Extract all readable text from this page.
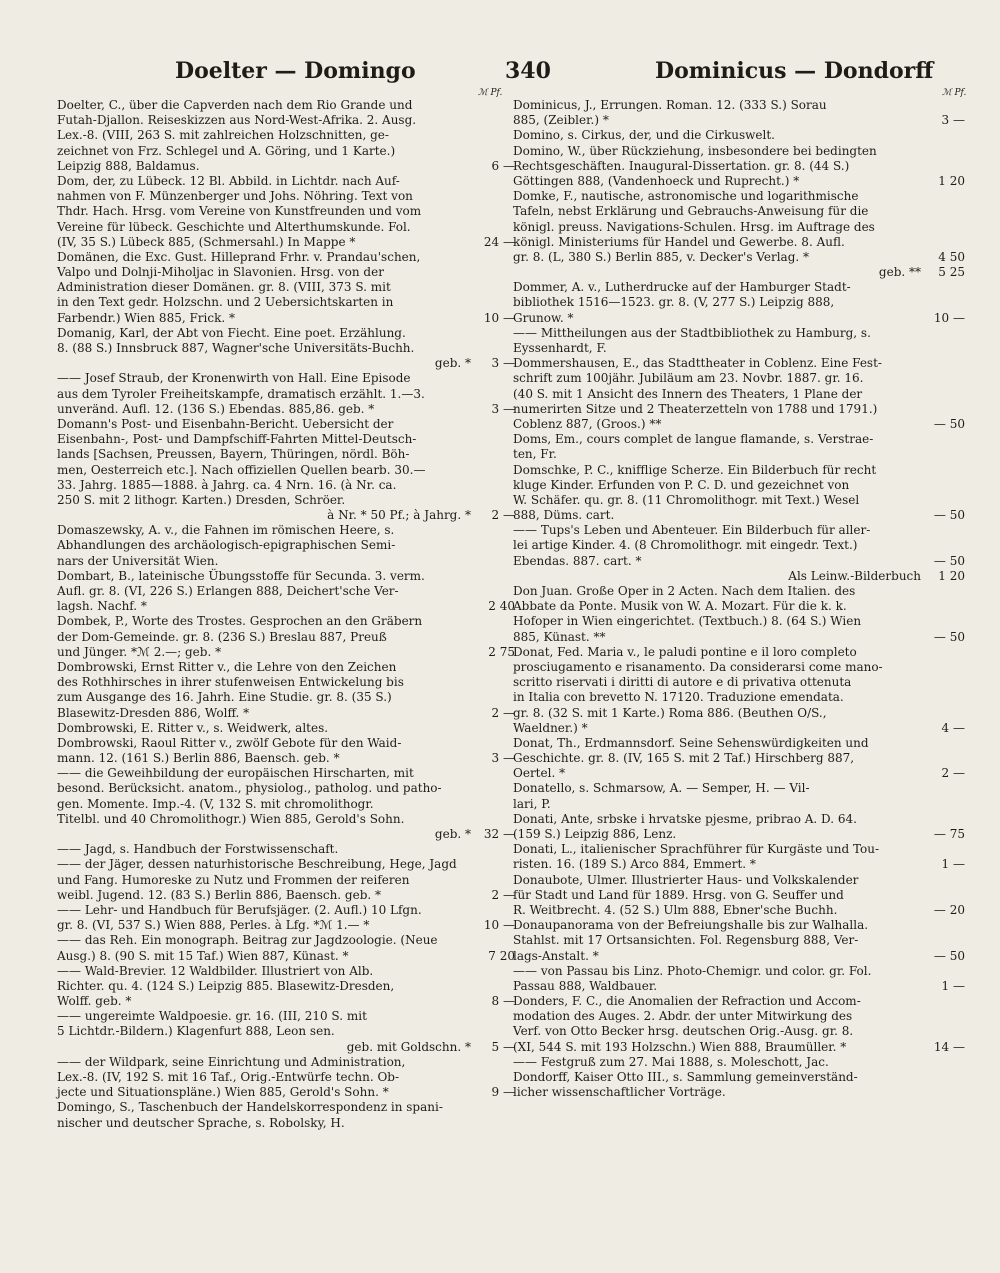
Doelter — Domingo	340	Dominicus — Dondorff
ℳ Pf.	ℳ Pf.
Doelter, C., über die Capverden nach dem Rio Grande und
Futah-Djallon. Reiseskizzen aus Nord-West-Afrika. 2. Ausg.
Lex.-8. (VIII, 263 S. mit zahlreichen Holzschnitten, ge-
zeichnet von Frz. Schlegel und A. Göring, und 1 Karte.)
Leipzig 888, Baldamus.	6 —
Dom, der, zu Lübeck. 12 Bl. Abbild. in Lichtdr. nach Auf-
nahmen von F. Münzenberger und Johs. Nöhring. Text von
Thdr. Hach. Hrsg. vom Vereine von Kunstfreunden und vom
Vereine für lübeck. Geschichte und Alterthumskunde. Fol.
(IV, 35 S.) Lübeck 885, (Schmersahl.) In Mappe *	24 —
Domänen, die Exc. Gust. Hilleprand Frhr. v. Prandau'schen,
Valpo und Dolnji-Miholjac in Slavonien. Hrsg. von der
Administration dieser Domänen. gr. 8. (VIII, 373 S. mit
in den Text gedr. Holzschn. und 2 Uebersichtskarten in
Farbendr.) Wien 885, Frick. *	10 —
Domanig, Karl, der Abt von Fiecht. Eine poet. Erzählung.
8. (88 S.) Innsbruck 887, Wagner'sche Universitäts-Buchh.
geb. * 3 —
—— Josef Straub, der Kronenwirth von Hall. Eine Episode
aus dem Tyroler Freiheitskampfe, dramatisch erzählt. 1.—3.
unveränd. Aufl. 12. (136 S.) Ebendas. 885,86. geb. *	3 —
Domann's Post- und Eisenbahn-Bericht. Uebersicht der
Eisenbahn-, Post- und Dampfschiff-Fahrten Mittel-Deutsch-
lands [Sachsen, Preussen, Bayern, Thüringen, nördl. Böh-
men, Oesterreich etc.]. Nach offiziellen Quellen bearb. 30.—
33. Jahrg. 1885—1888. à Jahrg. ca. 4 Nrn. 16. (à Nr. ca.
250 S. mit 2 lithogr. Karten.) Dresden, Schröer.
à Nr. * 50 Pf.; à Jahrg. * 2 —
Domaszewsky, A. v., die Fahnen im römischen Heere, s.
Abhandlungen des archäologisch-epigraphischen Semi-
nars der Universität Wien.
Dombart, B., lateinische Übungsstoffe für Secunda. 3. verm.
Aufl. gr. 8. (VI, 226 S.) Erlangen 888, Deichert'sche Ver-
lagsh. Nachf. *	2 40
Dombek, P., Worte des Trostes. Gesprochen an den Gräbern
der Dom-Gemeinde. gr. 8. (236 S.) Breslau 887, Preuß
und Jünger. *ℳ 2.—; geb. *	2 75
Dombrowski, Ernst Ritter v., die Lehre von den Zeichen
des Rothhirsches in ihrer stufenweisen Entwickelung bis
zum Ausgange des 16. Jahrh. Eine Studie. gr. 8. (35 S.)
Blasewitz-Dresden 886, Wolff. *	2 —
Dombrowski, E. Ritter v., s. Weidwerk, altes.
Dombrowski, Raoul Ritter v., zwölf Gebote für den Waid-
mann. 12. (161 S.) Berlin 886, Baensch. geb. *	3 —
—— die Geweihbildung der europäischen Hirscharten, mit
besond. Berücksicht. anatom., physiolog., patholog. und patho-
gen. Momente. Imp.-4. (V, 132 S. mit chromolithogr.
Titelbl. und 40 Chromolithogr.) Wien 885, Gerold's Sohn.
geb. * 32 —
—— Jagd, s. Handbuch der Forstwissenschaft.
—— der Jäger, dessen naturhistorische Beschreibung, Hege, Jagd
und Fang. Humoreske zu Nutz und Frommen der reiferen
weibl. Jugend. 12. (83 S.) Berlin 886, Baensch. geb. *	2 —
—— Lehr- und Handbuch für Berufsjäger. (2. Aufl.) 10 Lfgn.
gr. 8. (VI, 537 S.) Wien 888, Perles. à Lfg. *ℳ 1.— *	10 —
—— das Reh. Ein monograph. Beitrag zur Jagdzoologie. (Neue
Ausg.) 8. (90 S. mit 15 Taf.) Wien 887, Künast. *	7 20
—— Wald-Brevier. 12 Waldbilder. Illustriert von Alb.
Richter. qu. 4. (124 S.) Leipzig 885. Blasewitz-Dresden,
Wolff. geb. *	8 —
—— ungereimte Waldpoesie. gr. 16. (III, 210 S. mit
5 Lichtdr.-Bildern.) Klagenfurt 888, Leon sen.
geb. mit Goldschn. * 5 —
—— der Wildpark, seine Einrichtung und Administration,
Lex.-8. (IV, 192 S. mit 16 Taf., Orig.-Entwürfe techn. Ob-
jecte und Situationspläne.) Wien 885, Gerold's Sohn. *	9 —
Domingo, S., Taschenbuch der Handelskorrespondenz in spani-
nischer und deutscher Sprache, s. Robolsky, H.
Dominicus, J., Errungen. Roman. 12. (333 S.) Sorau
885, (Zeibler.) *	3 —
Domino, s. Cirkus, der, und die Cirkuswelt.
Domino, W., über Rückziehung, insbesondere bei bedingten
Rechtsgeschäften. Inaugural-Dissertation. gr. 8. (44 S.)
Göttingen 888, (Vandenhoeck und Ruprecht.) *	1 20
Domke, F., nautische, astronomische und logarithmische
Tafeln, nebst Erklärung und Gebrauchs-Anweisung für die
königl. preuss. Navigations-Schulen. Hrsg. im Auftrage des
königl. Ministeriums für Handel und Gewerbe. 8. Aufl.
gr. 8. (L, 380 S.) Berlin 885, v. Decker's Verlag. *	4 50
geb. ** 5 25
Dommer, A. v., Lutherdrucke auf der Hamburger Stadt-
bibliothek 1516—1523. gr. 8. (V, 277 S.) Leipzig 888,
Grunow. *	10 —
—— Mittheilungen aus der Stadtbibliothek zu Hamburg, s.
Eyssenhardt, F.
Dommershausen, E., das Stadttheater in Coblenz. Eine Fest-
schrift zum 100jähr. Jubiläum am 23. Novbr. 1887. gr. 16.
(40 S. mit 1 Ansicht des Innern des Theaters, 1 Plane der
numerirten Sitze und 2 Theaterzetteln von 1788 und 1791.)
Coblenz 887, (Groos.) **	— 50
Doms, Em., cours complet de langue flamande, s. Verstrae-
ten, Fr.
Domschke, P. C., knifflige Scherze. Ein Bilderbuch für recht
kluge Kinder. Erfunden von P. C. D. und gezeichnet von
W. Schäfer. qu. gr. 8. (11 Chromolithogr. mit Text.) Wesel
888, Düms. cart.	— 50
—— Tups's Leben und Abenteuer. Ein Bilderbuch für aller-
lei artige Kinder. 4. (8 Chromolithogr. mit eingedr. Text.)
Ebendas. 887. cart. *	— 50
Als Leinw.-Bilderbuch 1 20
Don Juan. Große Oper in 2 Acten. Nach dem Italien. des
Abbate da Ponte. Musik von W. A. Mozart. Für die k. k.
Hofoper in Wien eingerichtet. (Textbuch.) 8. (64 S.) Wien
885, Künast. **	— 50
Donat, Fed. Maria v., le paludi pontine e il loro completo
prosciugamento e risanamento. Da considerarsi come mano-
scritto riservati i diritti di autore e di privativa ottenuta
in Italia con brevetto N. 17120. Traduzione emendata.
gr. 8. (32 S. mit 1 Karte.) Roma 886. (Beuthen O/S.,
Waeldner.) *	4 —
Donat, Th., Erdmannsdorf. Seine Sehenswürdigkeiten und
Geschichte. gr. 8. (IV, 165 S. mit 2 Taf.) Hirschberg 887,
Oertel. *	2 —
Donatello, s. Schmarsow, A. — Semper, H. — Vil-
lari, P.
Donati, Ante, srbske i hrvatske pjesme, pribrao A. D. 64.
(159 S.) Leipzig 886, Lenz.	— 75
Donati, L., italienischer Sprachführer für Kurgäste und Tou-
risten. 16. (189 S.) Arco 884, Emmert. *	1 —
Donaubote, Ulmer. Illustrierter Haus- und Volkskalender
für Stadt und Land für 1889. Hrsg. von G. Seuffer und
R. Weitbrecht. 4. (52 S.) Ulm 888, Ebner'sche Buchh.	— 20
Donaupanorama von der Befreiungshalle bis zur Walhalla.
Stahlst. mit 17 Ortsansichten. Fol. Regensburg 888, Ver-
lags-Anstalt. *	— 50
—— von Passau bis Linz. Photo-Chemigr. und color. gr. Fol.
Passau 888, Waldbauer.	1 —
Donders, F. C., die Anomalien der Refraction und Accom-
modation des Auges. 2. Abdr. der unter Mitwirkung des
Verf. von Otto Becker hrsg. deutschen Orig.-Ausg. gr. 8.
(XI, 544 S. mit 193 Holzschn.) Wien 888, Braumüller. *	14 —
—— Festgruß zum 27. Mai 1888, s. Moleschott, Jac.
Dondorff, Kaiser Otto III., s. Sammlung gemeinverständ-
licher wissenschaftlicher Vorträge.
